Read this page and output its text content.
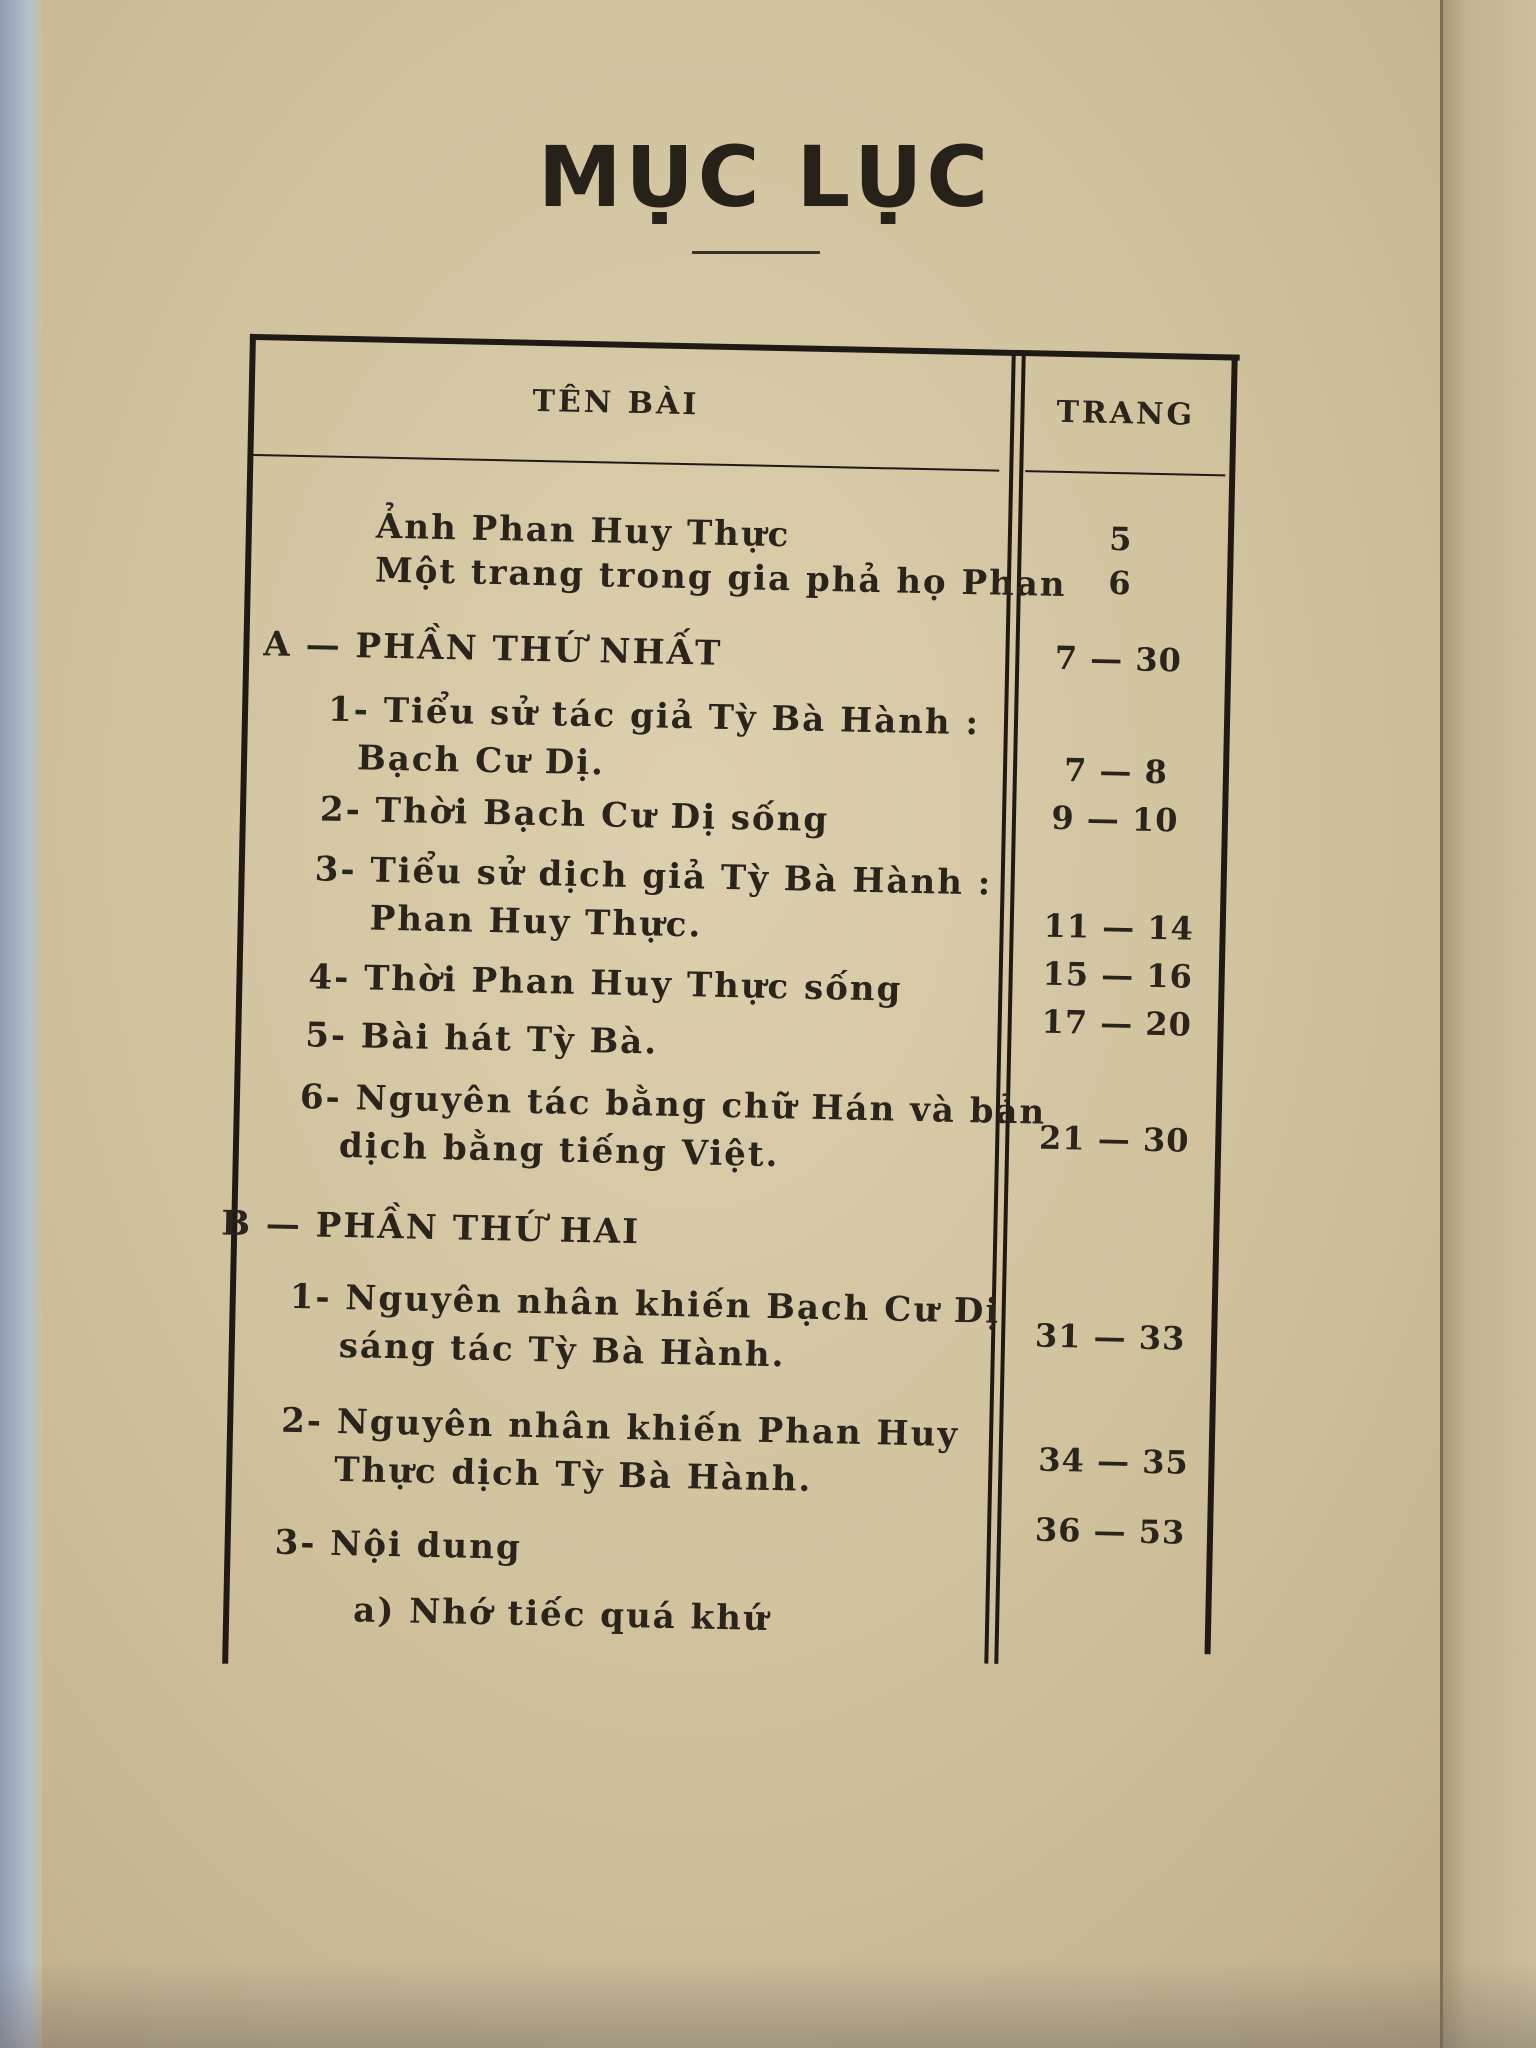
MỤC LỤC
TÊN BÀI	TRANG
Ảnh Phan Huy Thực	5
Một trang trong gia phả họ Phan	6
A — PHẦN THỨ NHẤT	7 — 30
1- Tiểu sử tác giả Tỳ Bà Hành :
Bạch Cư Dị.	7 — 8
2- Thời Bạch Cư Dị sống	9 — 10
3- Tiểu sử dịch giả Tỳ Bà Hành :
Phan Huy Thực.	11 — 14
4- Thời Phan Huy Thực sống	15 — 16
5- Bài hát Tỳ Bà.	17 — 20
6- Nguyên tác bằng chữ Hán và bản
dịch bằng tiếng Việt.	21 — 30
B — PHẦN THỨ HAI
1- Nguyên nhân khiến Bạch Cư Dị
sáng tác Tỳ Bà Hành.	31 — 33
2- Nguyên nhân khiến Phan Huy
Thực dịch Tỳ Bà Hành.	34 — 35
3- Nội dung	36 — 53
a) Nhớ tiếc quá khứ
